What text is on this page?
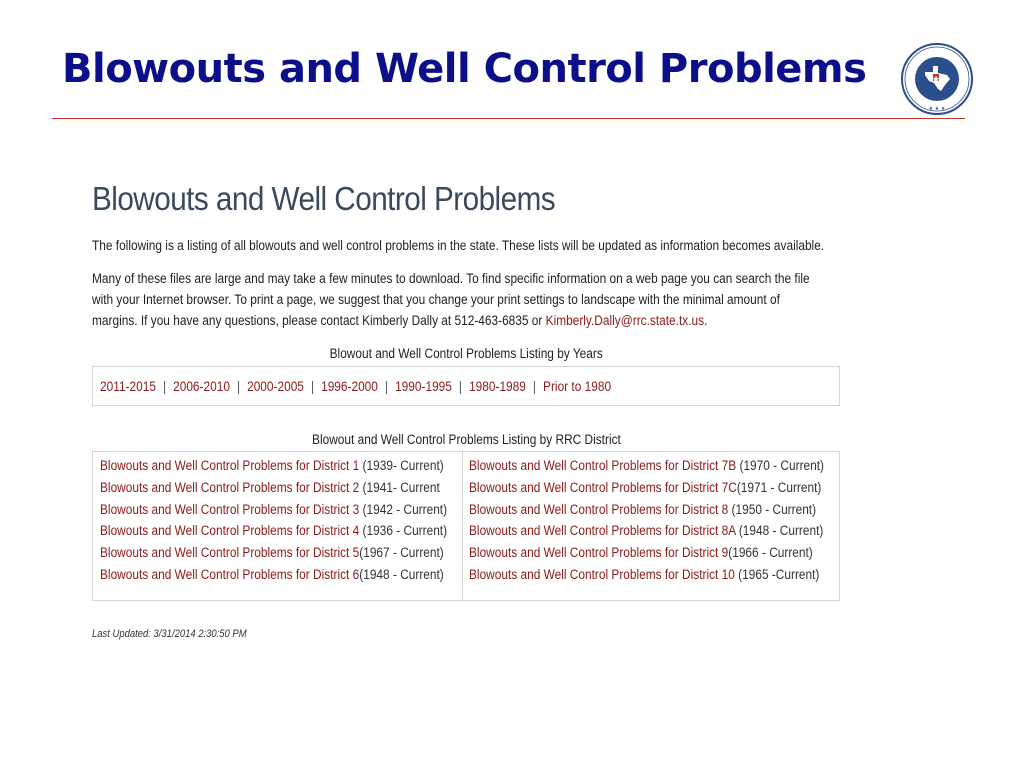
Blowouts and Well Control Problems
★ ★ ★
Blowouts and Well Control Problems
The following is a listing of all blowouts and well control problems in the state. These lists will be updated as information becomes available.
Many of these files are large and may take a few minutes to download. To find specific information on a web page you can search the file with your Internet browser. To print a page, we suggest that you change your print settings to landscape with the minimal amount of margins. If you have any questions, please contact Kimberly Dally at 512-463-6835 or Kimberly.Dally@rrc.state.tx.us.
Blowout and Well Control Problems Listing by Years
2011-2015 | 2006-2010 | 2000-2005 | 1996-2000 | 1990-1995 | 1980-1989 | Prior to 1980
Blowout and Well Control Problems Listing by RRC District
Blowouts and Well Control Problems for District 1 (1939- Current)
Blowouts and Well Control Problems for District 2 (1941- Current
Blowouts and Well Control Problems for District 3 (1942 - Current)
Blowouts and Well Control Problems for District 4 (1936 - Current)
Blowouts and Well Control Problems for District 5(1967 - Current)
Blowouts and Well Control Problems for District 6(1948 - Current)
Blowouts and Well Control Problems for District 7B (1970 - Current)
Blowouts and Well Control Problems for District 7C(1971 - Current)
Blowouts and Well Control Problems for District 8 (1950 - Current)
Blowouts and Well Control Problems for District 8A (1948 - Current)
Blowouts and Well Control Problems for District 9(1966 - Current)
Blowouts and Well Control Problems for District 10 (1965 -Current)
Last Updated: 3/31/2014 2:30:50 PM
